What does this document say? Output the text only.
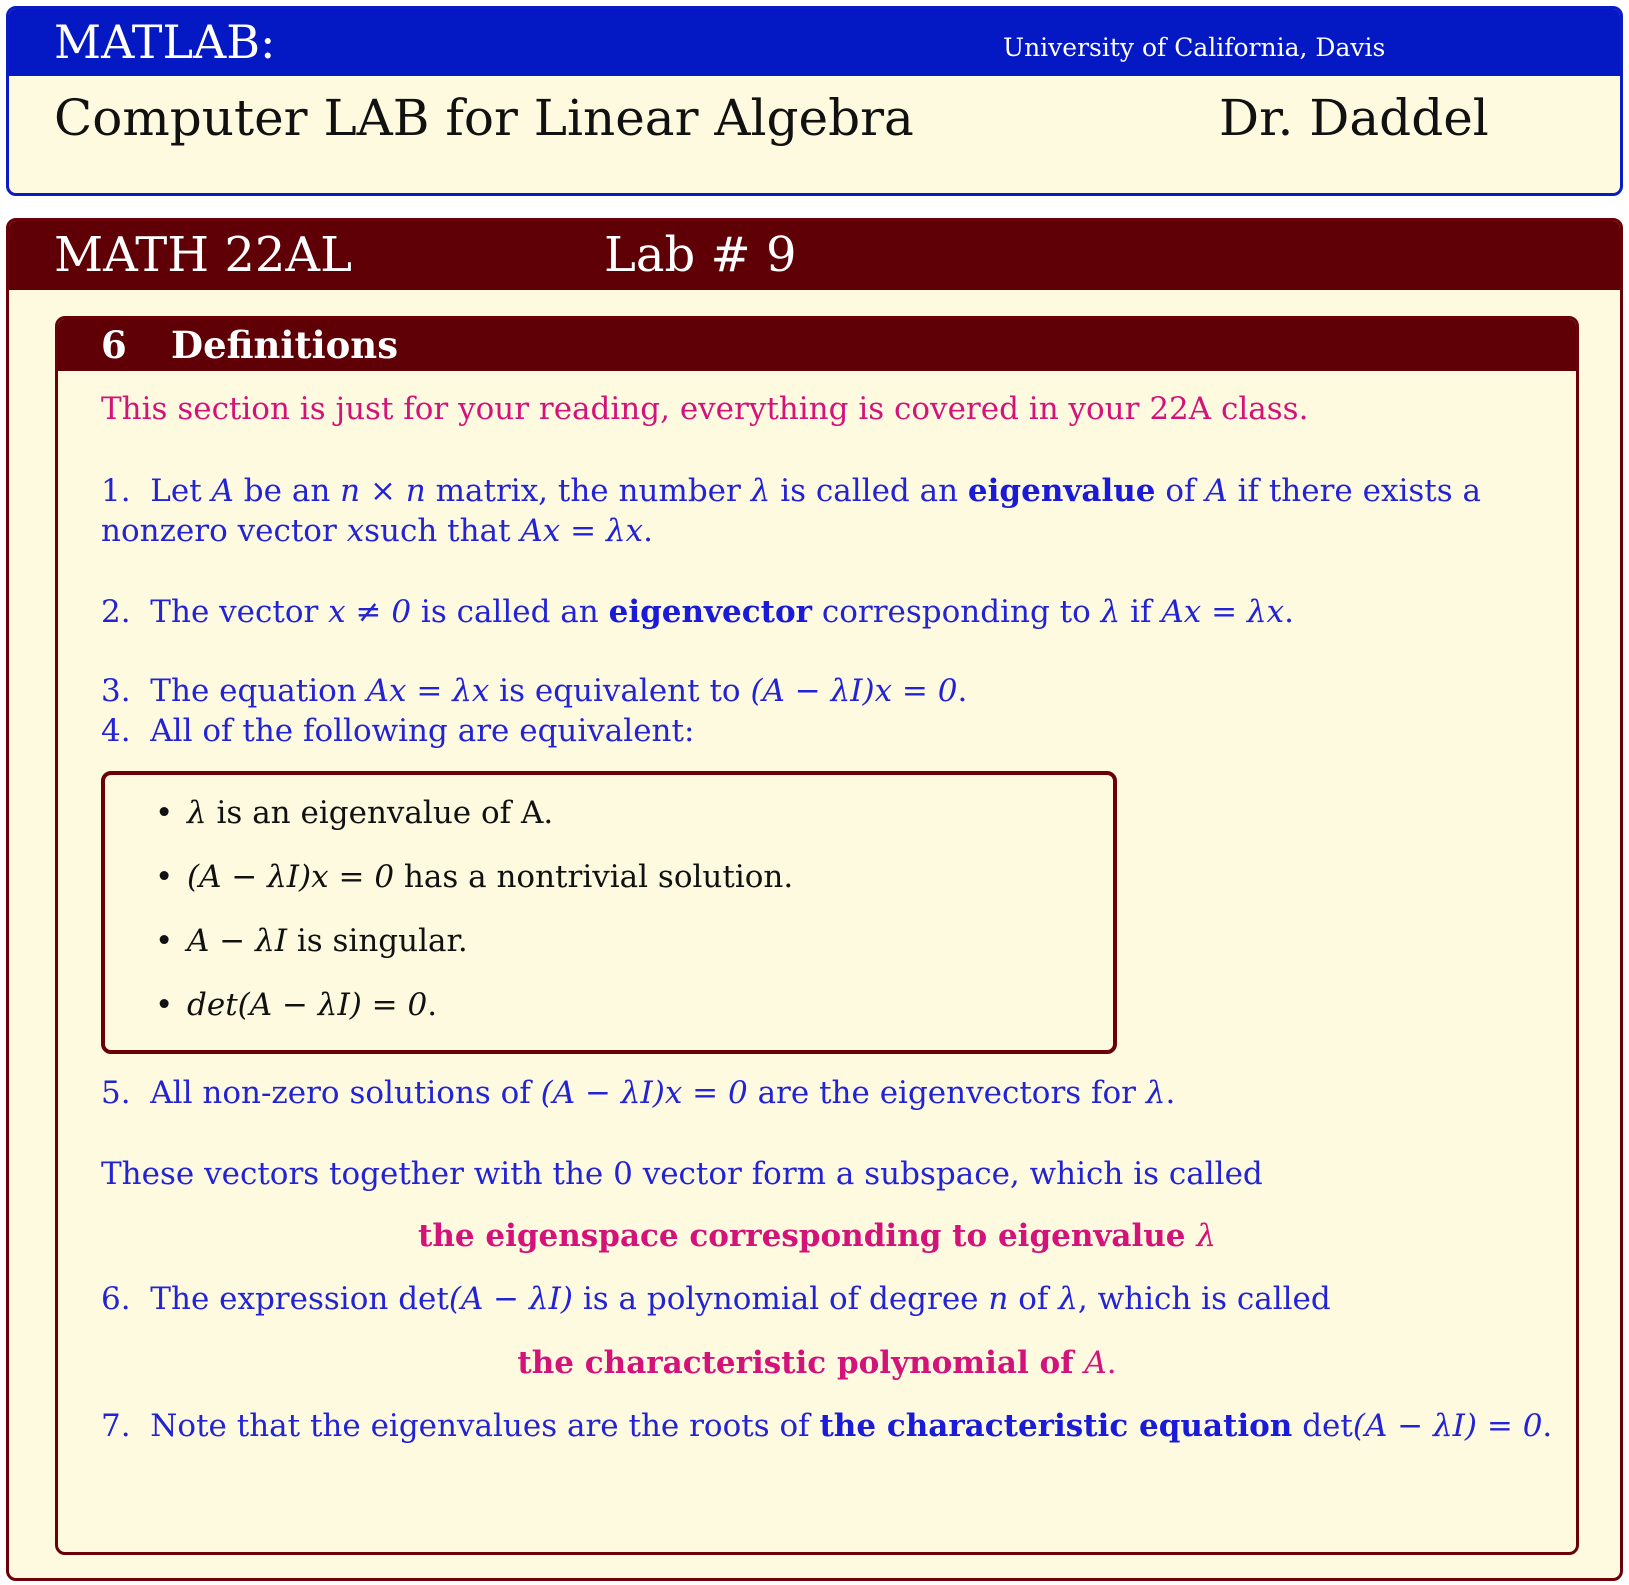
MATLAB:	University of California, Davis
Computer LAB for Linear Algebra	Dr. Daddel
MATH 22AL	Lab # 9
6 Definitions
This section is just for your reading, everything is covered in your 22A class.
1. Let A be an n × n matrix, the number λ is called an eigenvalue of A if there exists a
nonzero vector xsuch that Ax = λx.
2. The vector x ≠ 0 is called an eigenvector corresponding to λ if Ax = λx.
3. The equation Ax = λx is equivalent to (A − λI)x = 0.
4. All of the following are equivalent:
• λ is an eigenvalue of A.
• (A − λI)x = 0 has a nontrivial solution.
• A − λI is singular.
• det(A − λI) = 0.
5. All non-zero solutions of (A − λI)x = 0 are the eigenvectors for λ.
These vectors together with the 0 vector form a subspace, which is called
the eigenspace corresponding to eigenvalue λ
6. The expression det(A − λI) is a polynomial of degree n of λ, which is called
the characteristic polynomial of A.
7. Note that the eigenvalues are the roots of the characteristic equation det(A − λI) = 0.
